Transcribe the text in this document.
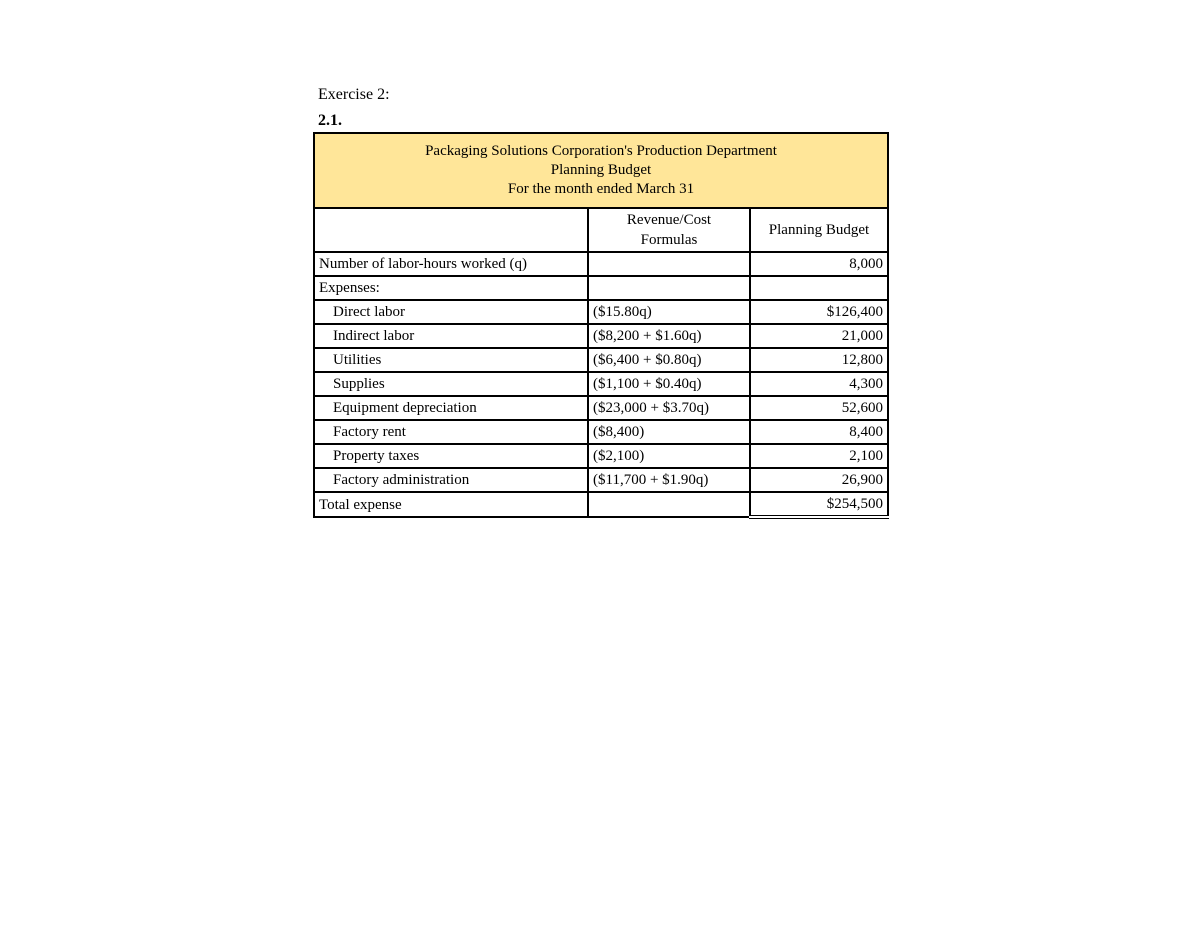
Exercise 2:
2.1.
Packaging Solutions Corporation's Production Department
Planning Budget
For the month ended March 31		

	Revenue/Cost
Formulas	Planning Budget
Number of labor-hours worked (q)		8,000
Expenses:		
Direct labor	($15.80q)	$126,400
Indirect labor	($8,200 + $1.60q)	21,000
Utilities	($6,400 + $0.80q)	12,800
Supplies	($1,100 + $0.40q)	4,300
Equipment depreciation	($23,000 + $3.70q)	52,600
Factory rent	($8,400)	8,400
Property taxes	($2,100)	2,100
Factory administration	($11,700 + $1.90q)	26,900
Total expense		$254,500
